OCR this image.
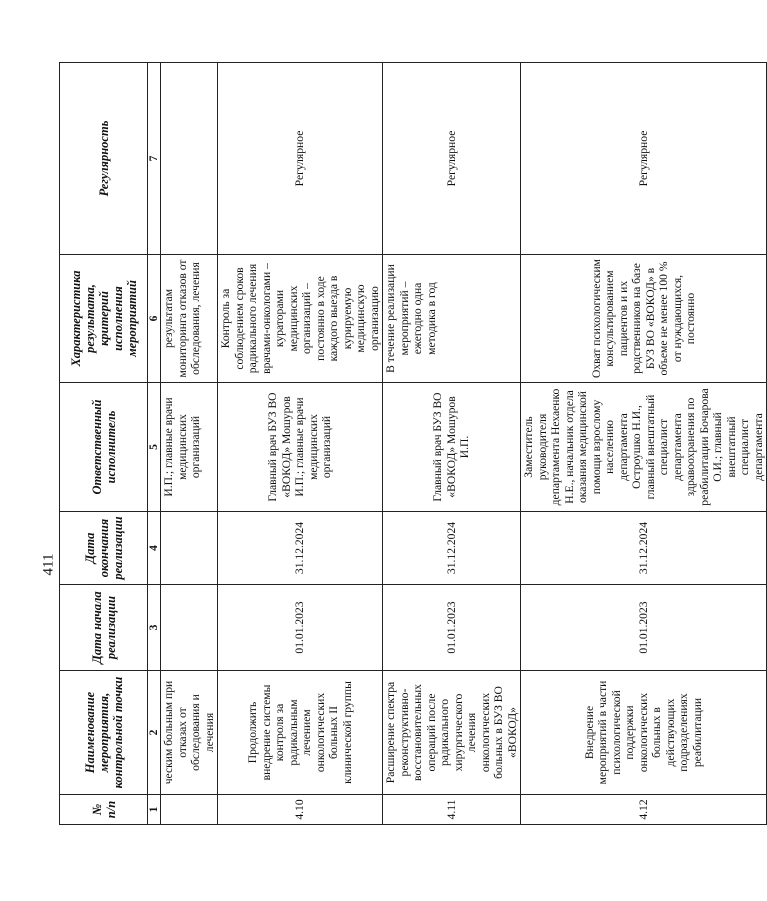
411
№ п/п	Наименование мероприятия, контрольной точки	Дата начала реализации	Дата окончания реализации	Ответственный исполнитель	Характеристика результата, критерий исполнения мероприятий	Регулярность
1	2	3	4	5	6	7
	ческим больным при отказах от обследования и лечения			И.П.; главные врачи медицинских организаций	результатам мониторинга отказов от обследования, лечения	
4.10	Продолжить внедрение системы контроля за радикальным лечением онкологических больных II клинической группы	01.01.2023	31.12.2024	Главный врач БУЗ ВО «ВОКОД» Мошуров И.П.; главные врачи медицинских организаций	Контроль за соблюдением сроков радикального лечения врачами-онкологами – кураторами медицинских организаций – постоянно в ходе каждого выезда в курируемую медицинскую организацию	Регулярное
4.11	Расширение спектра реконструктивно-восстановительных операций после радикального хирургического лечения онкологических больных в БУЗ ВО «ВОКОД»	01.01.2023	31.12.2024	Главный врач БУЗ ВО «ВОКОД» Мошуров И.П.	В течение реализации мероприятий – ежегодно одна методика в год	Регулярное
4.12	Внедрение мероприятий в части психологической поддержки онкологических больных в действующих подразделениях реабилитации	01.01.2023	31.12.2024	Заместитель руководителя департамента Нехаенко Н.Е., начальник отдела оказания медицинской помощи взрослому населению департамента Остроушко Н.И., главный внештатный специалист департамента здравоохранения по реабилитации Бочарова О.И.; главный внештатный специалист департамента	Охват психологическим консультированием пациентов и их родственников на базе БУЗ ВО «ВОКОД» в объеме не менее 100 % от нуждающихся, постоянно	Регулярное
